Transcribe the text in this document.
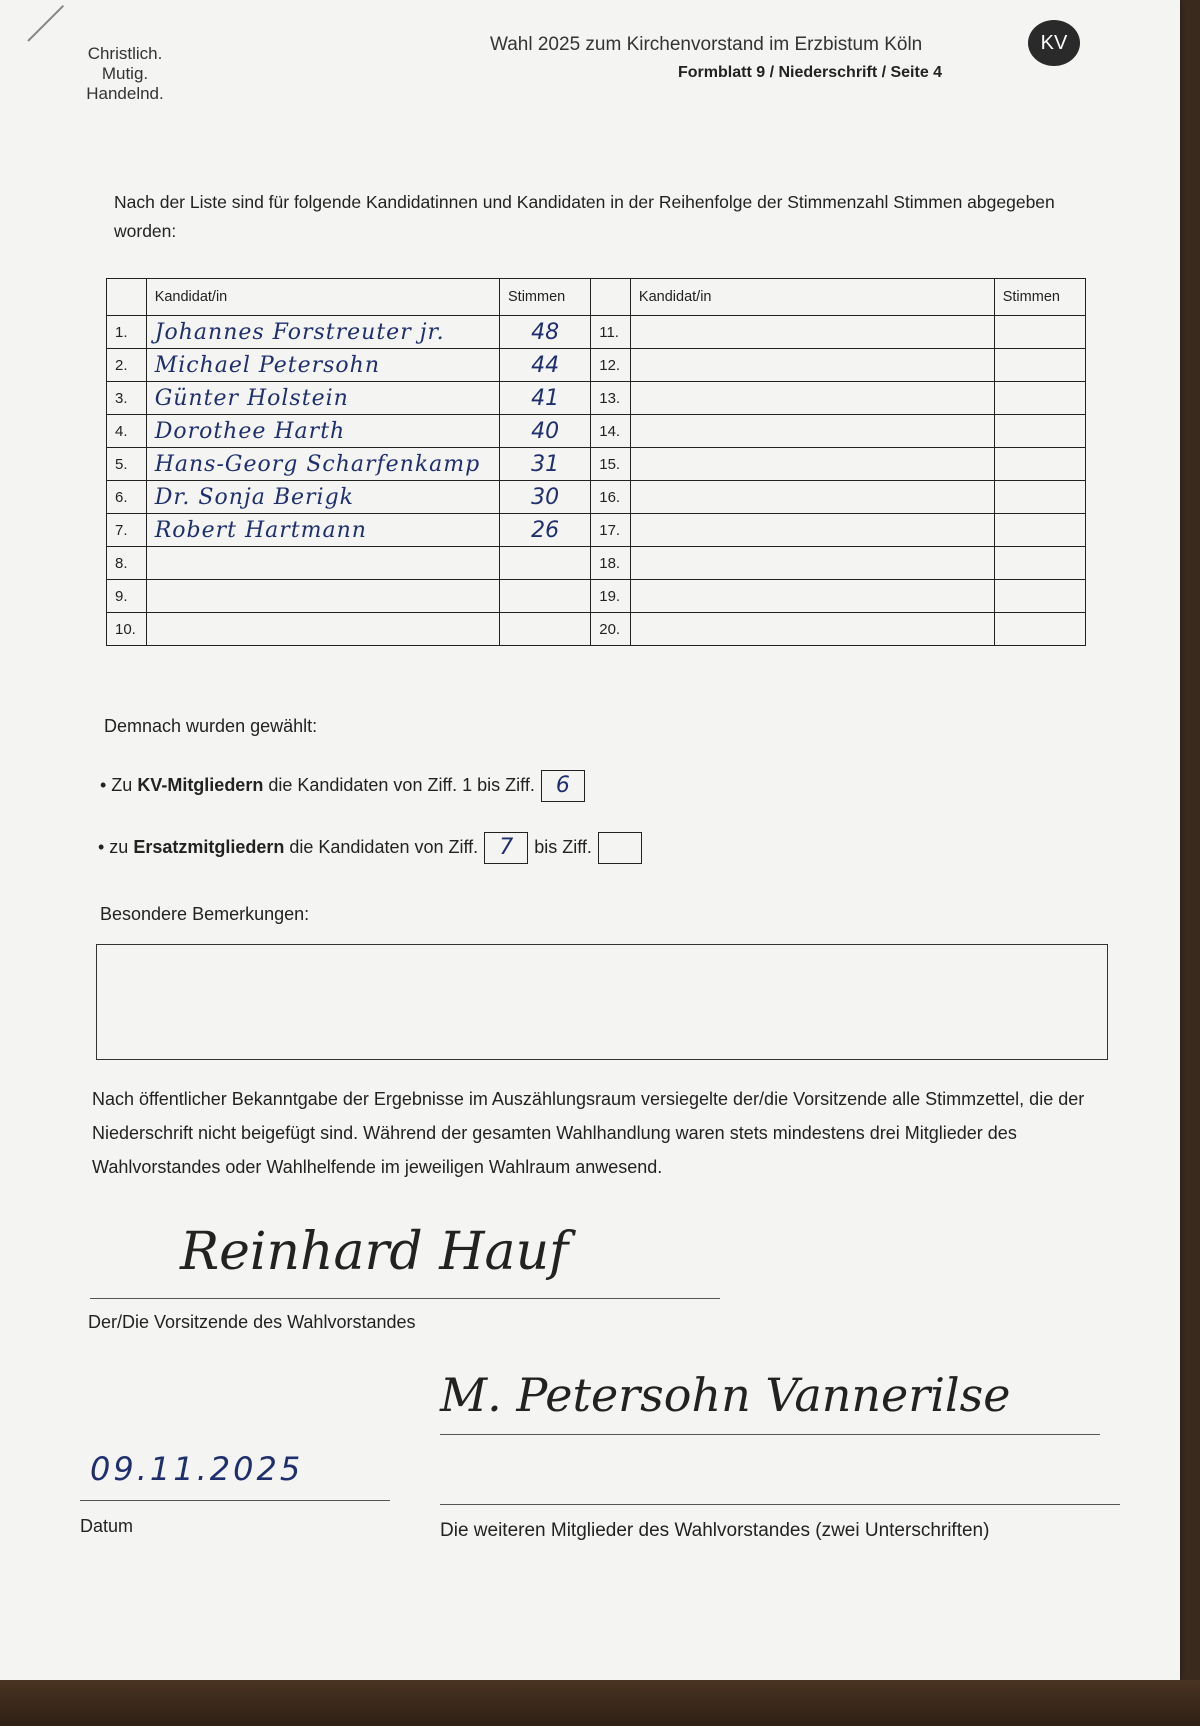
Christlich.
Mutig.
Handelnd.
Wahl 2025 zum Kirchenvorstand im Erzbistum Köln
Formblatt 9 / Niederschrift / Seite 4
KV
Nach der Liste sind für folgende Kandidatinnen und Kandidaten in der Reihenfolge der Stimmenzahl Stimmen abgegeben worden:
	Kandidat/in	Stimmen		Kandidat/in	Stimmen
1.	Johannes Forstreuter jr.	48	11.		
2.	Michael Petersohn	44	12.		
3.	Günter Holstein	41	13.		
4.	Dorothee Harth	40	14.		
5.	Hans-Georg Scharfenkamp	31	15.		
6.	Dr. Sonja Berigk	30	16.		
7.	Robert Hartmann	26	17.		
8.			18.		
9.			19.		
10.			20.		
Demnach wurden gewählt:
• Zu KV-Mitgliedern die Kandidaten von Ziff. 1 bis Ziff. 6
• zu Ersatzmitgliedern die Kandidaten von Ziff. 7 bis Ziff.
Besondere Bemerkungen:
Nach öffentlicher Bekanntgabe der Ergebnisse im Auszählungsraum versiegelte der/die Vorsitzende alle Stimmzettel, die der Niederschrift nicht beigefügt sind. Während der gesamten Wahlhandlung waren stets mindestens drei Mitglieder des Wahlvorstandes oder Wahlhelfende im jeweiligen Wahlraum anwesend.
Reinhard Hauf
Der/Die Vorsitzende des Wahlvorstandes
M. Petersohn Vannerilse
09.11.2025
Datum	Die weiteren Mitglieder des Wahlvorstandes (zwei Unterschriften)
